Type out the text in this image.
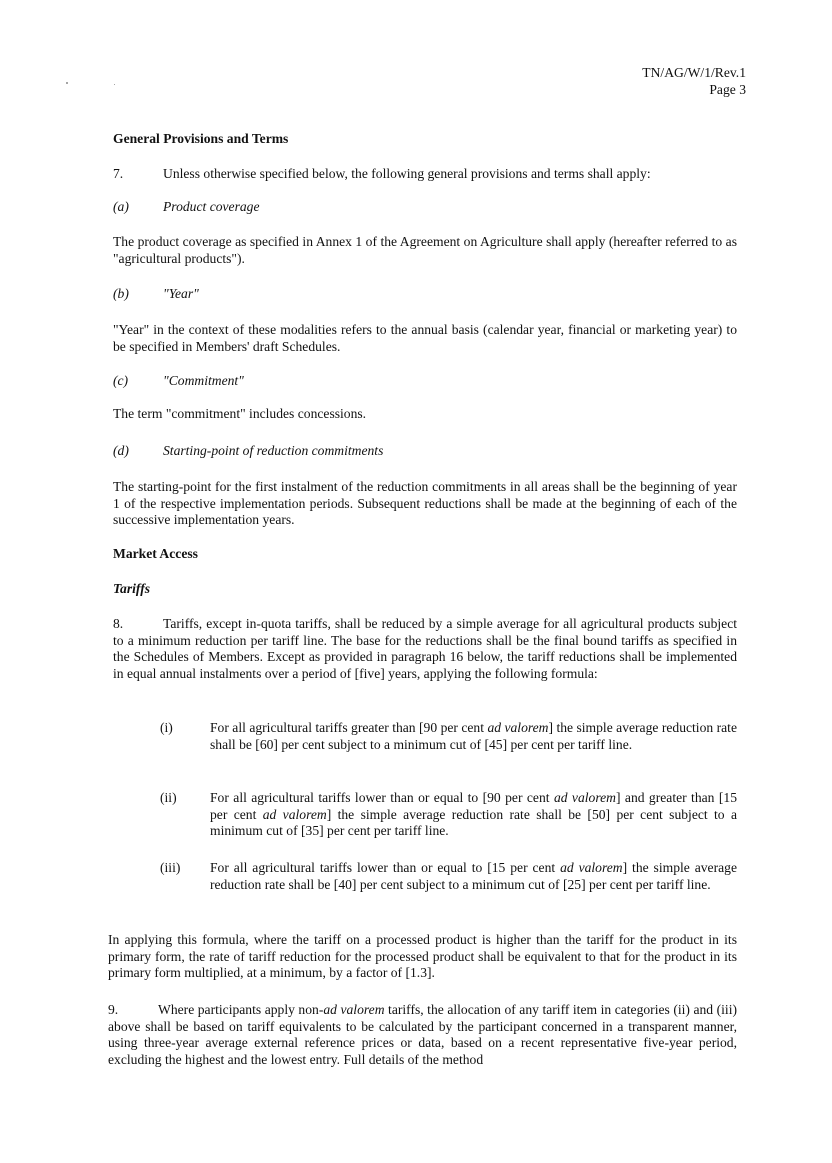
TN/AG/W/1/Rev.1
Page 3
General Provisions and Terms
7.	Unless otherwise specified below, the following general provisions and terms shall apply:
(a)	Product coverage

The product coverage as specified in Annex 1 of the Agreement on Agriculture shall apply (hereafter referred to as "agricultural products").

(b)	"Year"

"Year" in the context of these modalities refers to the annual basis (calendar year, financial or marketing year) to be specified in Members' draft Schedules.

(c)	"Commitment"

The term "commitment" includes concessions.

(d)	Starting-point of reduction commitments

The starting-point for the first instalment of the reduction commitments in all areas shall be the beginning of year 1 of the respective implementation periods. Subsequent reductions shall be made at the beginning of each of the successive implementation years.

Market Access
Tariffs
8.	Tariffs, except in-quota tariffs, shall be reduced by a simple average for all agricultural products subject to a minimum reduction per tariff line. The base for the reductions shall be the final bound tariffs as specified in the Schedules of Members. Except as provided in paragraph 16 below, the tariff reductions shall be implemented in equal annual instalments over a period of [five] years, applying the following formula:
(i)	For all agricultural tariffs greater than [90 per cent ad valorem] the simple average reduction rate shall be [60] per cent subject to a minimum cut of [45] per cent per tariff line.
(ii)	For all agricultural tariffs lower than or equal to [90 per cent ad valorem] and greater than [15 per cent ad valorem] the simple average reduction rate shall be [50] per cent subject to a minimum cut of [35] per cent per tariff line.
(iii)	For all agricultural tariffs lower than or equal to [15 per cent ad valorem] the simple average reduction rate shall be [40] per cent subject to a minimum cut of [25] per cent per tariff line.

In applying this formula, where the tariff on a processed product is higher than the tariff for the product in its primary form, the rate of tariff reduction for the processed product shall be equivalent to that for the product in its primary form multiplied, at a minimum, by a factor of [1.3].

9.	Where participants apply non-ad valorem tariffs, the allocation of any tariff item in categories (ii) and (iii) above shall be based on tariff equivalents to be calculated by the participant concerned in a transparent manner, using three-year average external reference prices or data, based on a recent representative five-year period, excluding the highest and the lowest entry. Full details of the method
